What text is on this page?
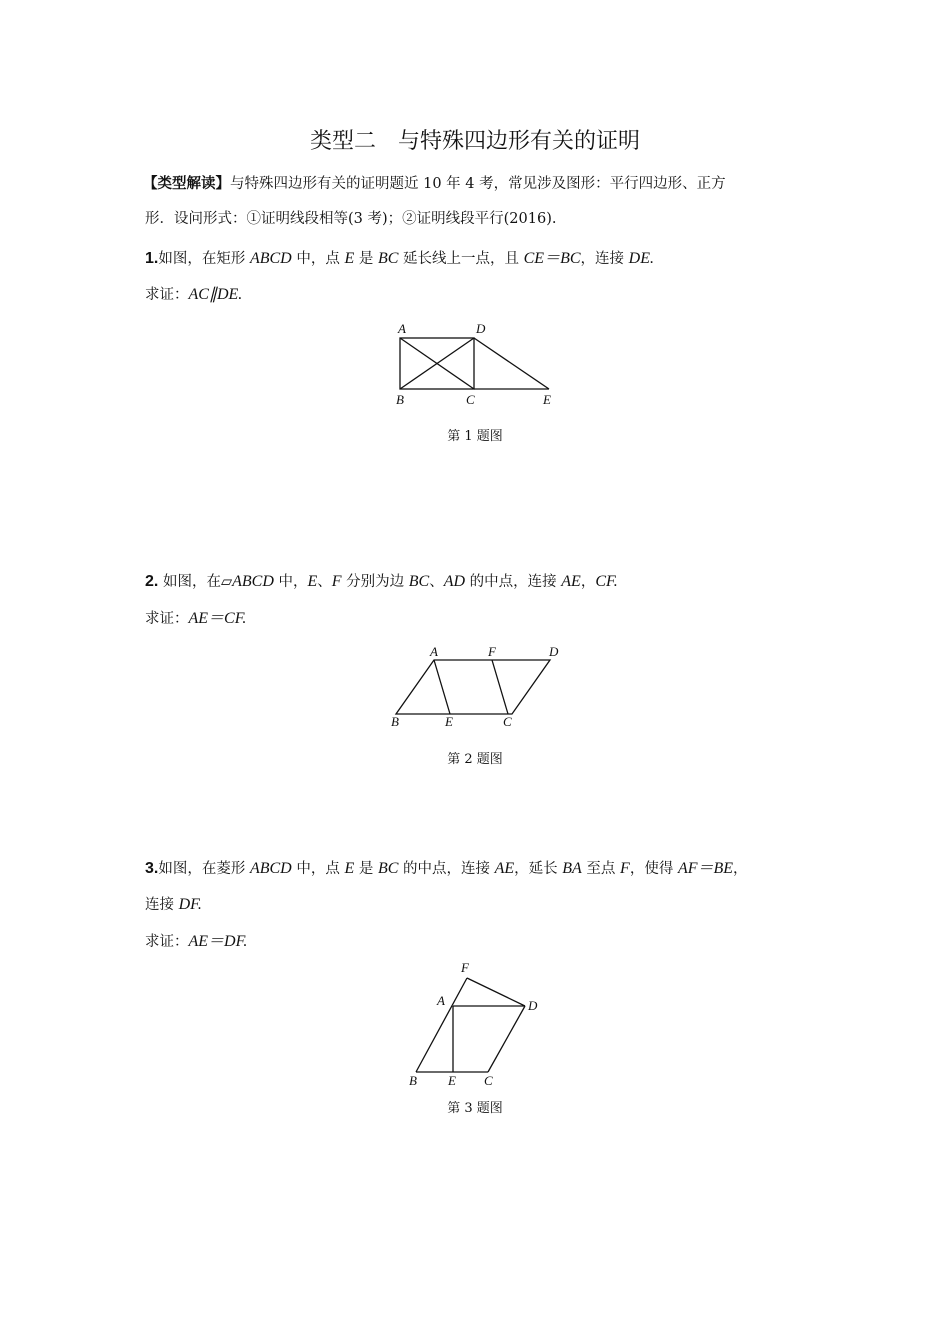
类型二　与特殊四边形有关的证明
【类型解读】与特殊四边形有关的证明题近 10 年 4 考，常见涉及图形：平行四边形、正方
形．设问形式：①证明线段相等(3 考)；②证明线段平行(2016).
1.如图，在矩形 ABCD 中，点 E 是 BC 延长线上一点，且 CE＝BC，连接 DE.
求证：AC∥DE.
2. 如图，在▱ABCD 中，E、F 分别为边 BC、AD 的中点，连接 AE，CF.
求证：AE＝CF.
3.如图，在菱形 ABCD 中，点 E 是 BC 的中点，连接 AE，延长 BA 至点 F，使得 AF＝BE，
连接 DF.
求证：AE＝DF.
A	D
B	C	E
A	F	D
B	E	C
F
A	D
B E C
第 1 题图
第 2 题图
第 3 题图
